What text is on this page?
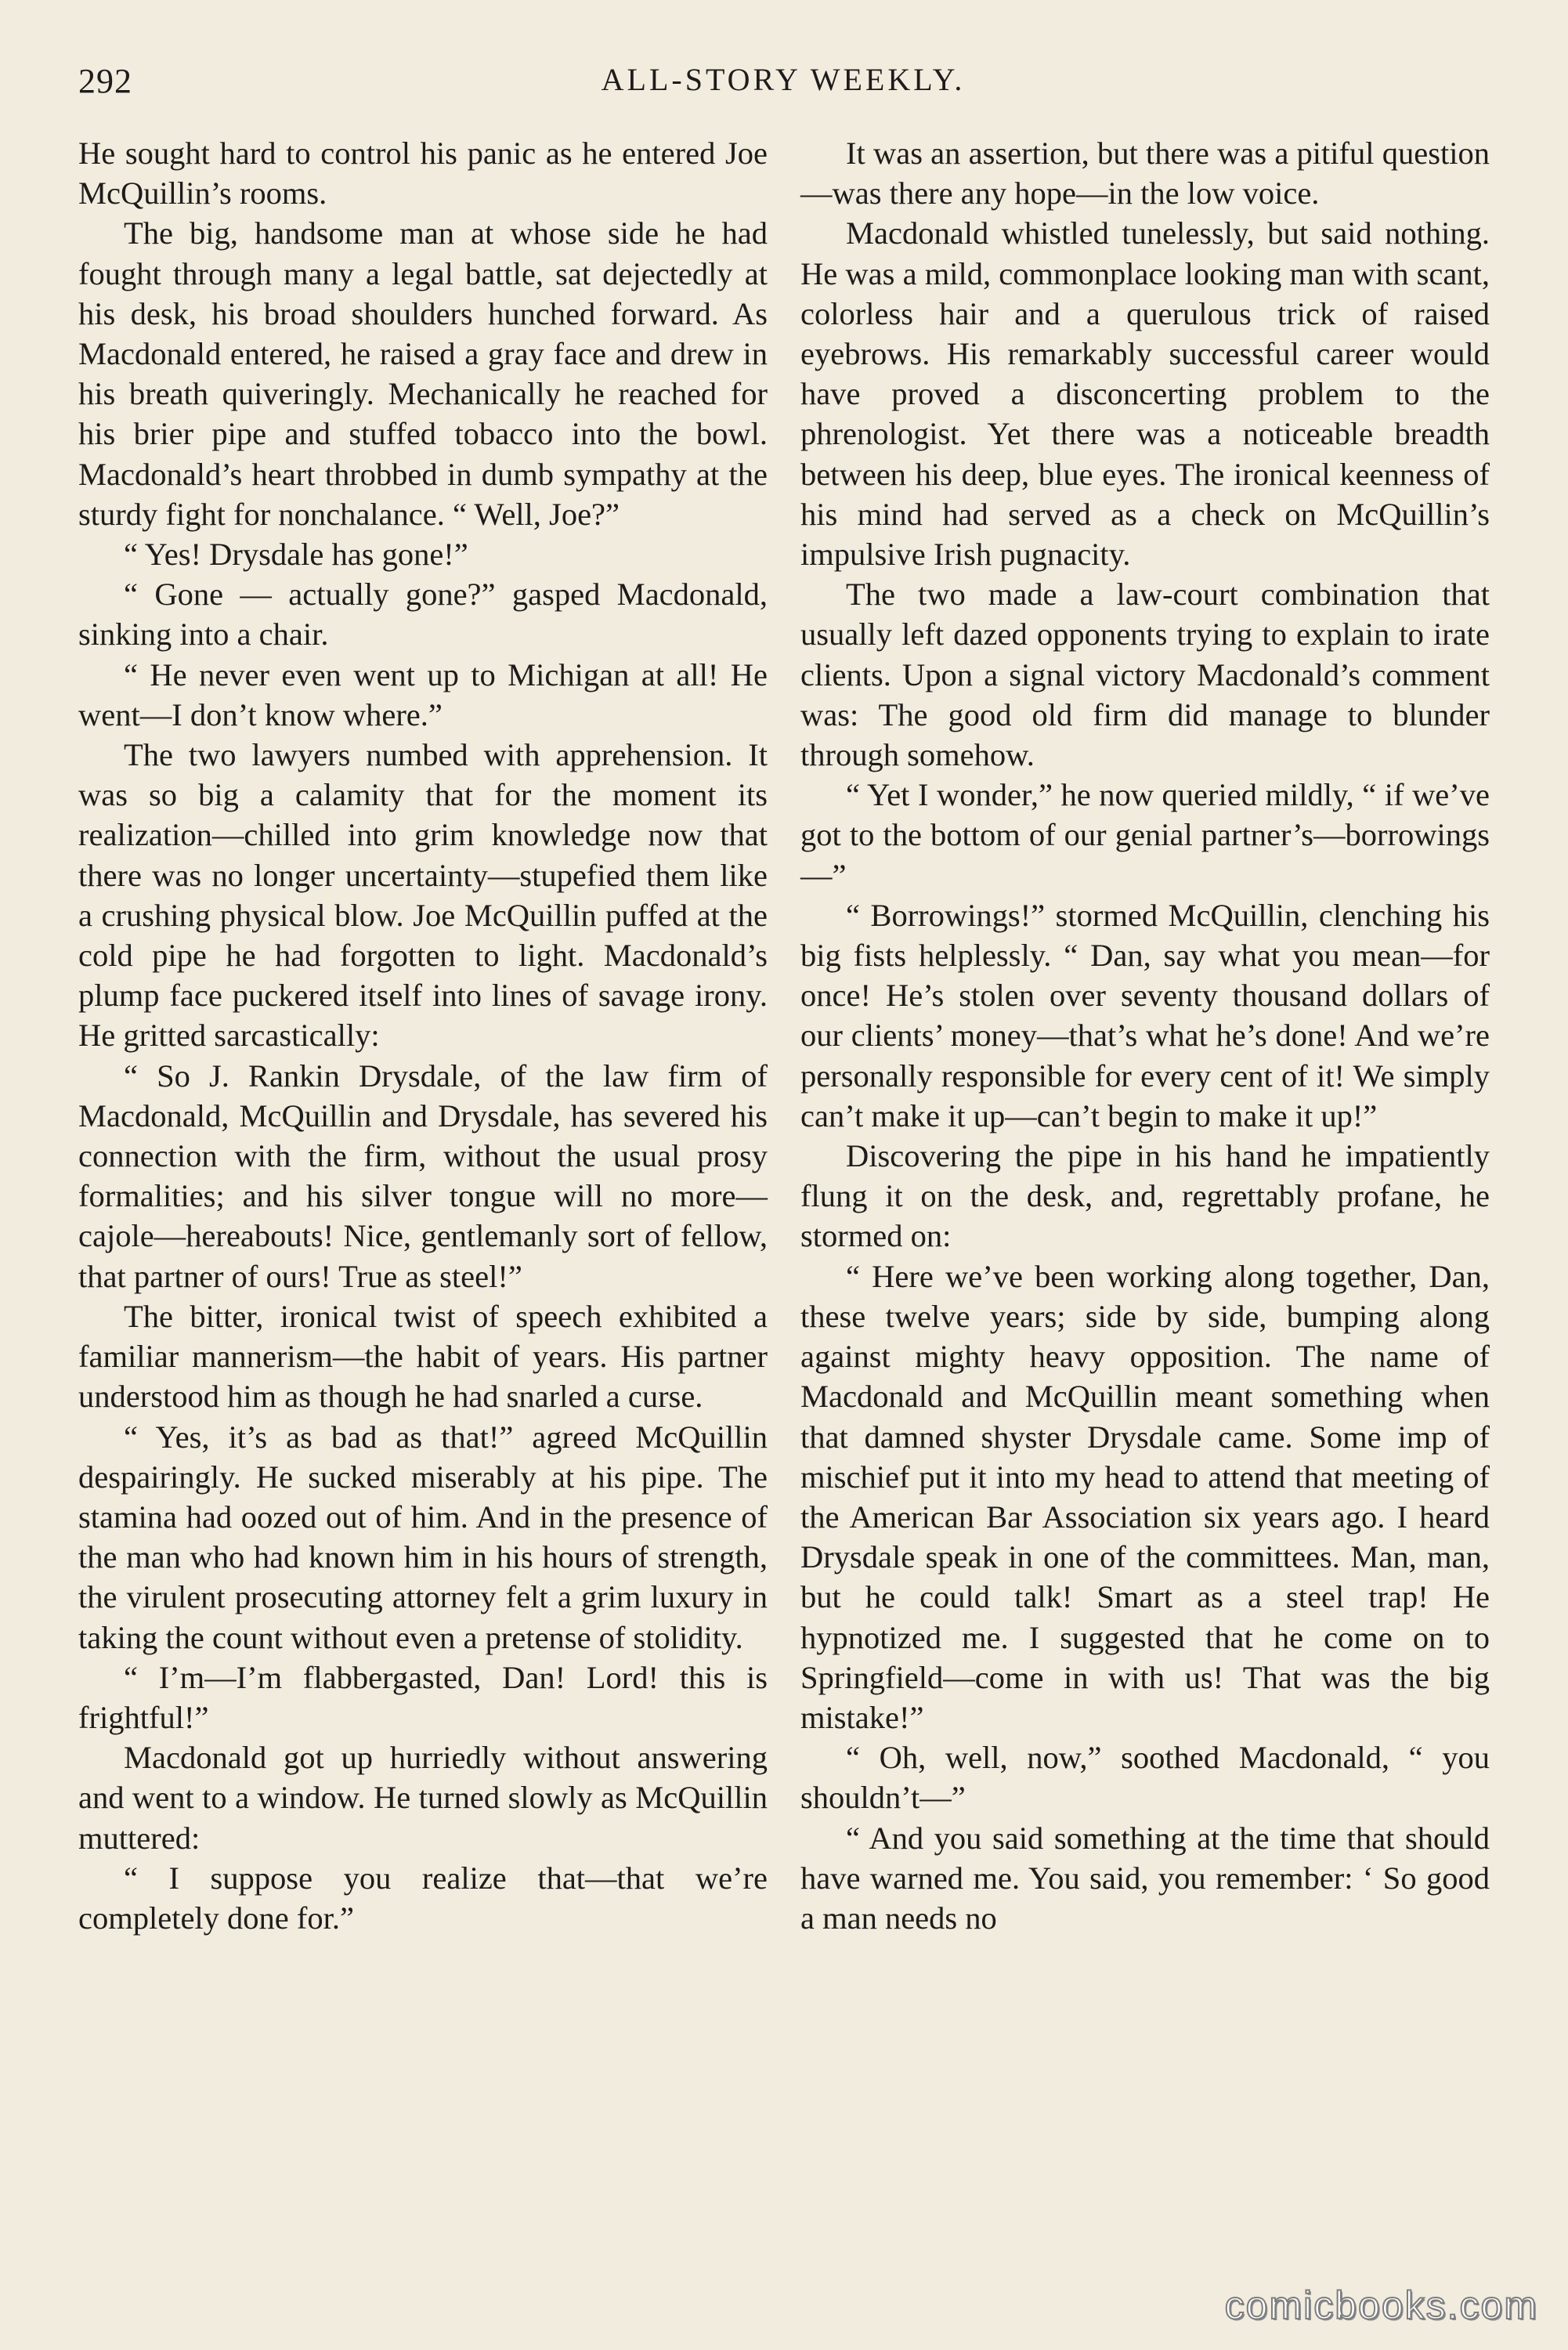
292	ALL-STORY WEEKLY.

He sought hard to control his panic as he entered Joe McQuillin’s rooms.

The big, handsome man at whose side he had fought through many a legal battle, sat dejectedly at his desk, his broad shoulders hunched forward. As Macdonald entered, he raised a gray face and drew in his breath quiveringly. Mechanically he reached for his brier pipe and stuffed tobacco into the bowl. Macdonald’s heart throbbed in dumb sympathy at the sturdy fight for nonchalance. “ Well, Joe?”

“ Yes! Drysdale has gone!”

“ Gone — actually gone?” gasped Macdonald, sinking into a chair.

“ He never even went up to Michigan at all! He went—I don’t know where.”

The two lawyers numbed with apprehension. It was so big a calamity that for the moment its realization—chilled into grim knowledge now that there was no longer uncertainty—stupefied them like a crushing physical blow. Joe McQuillin puffed at the cold pipe he had forgotten to light. Macdonald’s plump face puckered itself into lines of savage irony. He gritted sarcastically:

“ So J. Rankin Drysdale, of the law firm of Macdonald, McQuillin and Drysdale, has severed his connection with the firm, without the usual prosy formalities; and his silver tongue will no more—cajole—hereabouts! Nice, gentlemanly sort of fellow, that partner of ours! True as steel!”

The bitter, ironical twist of speech exhibited a familiar mannerism—the habit of years. His partner understood him as though he had snarled a curse.

“ Yes, it’s as bad as that!” agreed McQuillin despairingly. He sucked miserably at his pipe. The stamina had oozed out of him. And in the presence of the man who had known him in his hours of strength, the virulent prosecuting attorney felt a grim luxury in taking the count without even a pretense of stolidity.

“ I’m—I’m flabbergasted, Dan! Lord! this is frightful!”

Macdonald got up hurriedly without answering and went to a window. He turned slowly as McQuillin muttered:

“ I suppose you realize that—that we’re completely done for.”

It was an assertion, but there was a pitiful question—was there any hope—in the low voice.

Macdonald whistled tunelessly, but said nothing. He was a mild, commonplace looking man with scant, colorless hair and a querulous trick of raised eyebrows. His remarkably successful career would have proved a disconcerting problem to the phrenologist. Yet there was a noticeable breadth between his deep, blue eyes. The ironical keenness of his mind had served as a check on McQuillin’s impulsive Irish pugnacity.

The two made a law-court combination that usually left dazed opponents trying to explain to irate clients. Upon a signal victory Macdonald’s comment was: The good old firm did manage to blunder through somehow.

“ Yet I wonder,” he now queried mildly, “ if we’ve got to the bottom of our genial partner’s—borrowings—”

“ Borrowings!” stormed McQuillin, clenching his big fists helplessly. “ Dan, say what you mean—for once! He’s stolen over seventy thousand dollars of our clients’ money—that’s what he’s done! And we’re personally responsible for every cent of it! We simply can’t make it up—can’t begin to make it up!”

Discovering the pipe in his hand he impatiently flung it on the desk, and, regrettably profane, he stormed on:

“ Here we’ve been working along together, Dan, these twelve years; side by side, bumping along against mighty heavy opposition. The name of Macdonald and McQuillin meant something when that damned shyster Drysdale came. Some imp of mischief put it into my head to attend that meeting of the American Bar Association six years ago. I heard Drysdale speak in one of the committees. Man, man, but he could talk! Smart as a steel trap! He hypnotized me. I suggested that he come on to Springfield—come in with us! That was the big mistake!”

“ Oh, well, now,” soothed Macdonald, “ you shouldn’t—”

“ And you said something at the time that should have warned me. You said, you remember: ‘ So good a man needs no

comicbooks.com
